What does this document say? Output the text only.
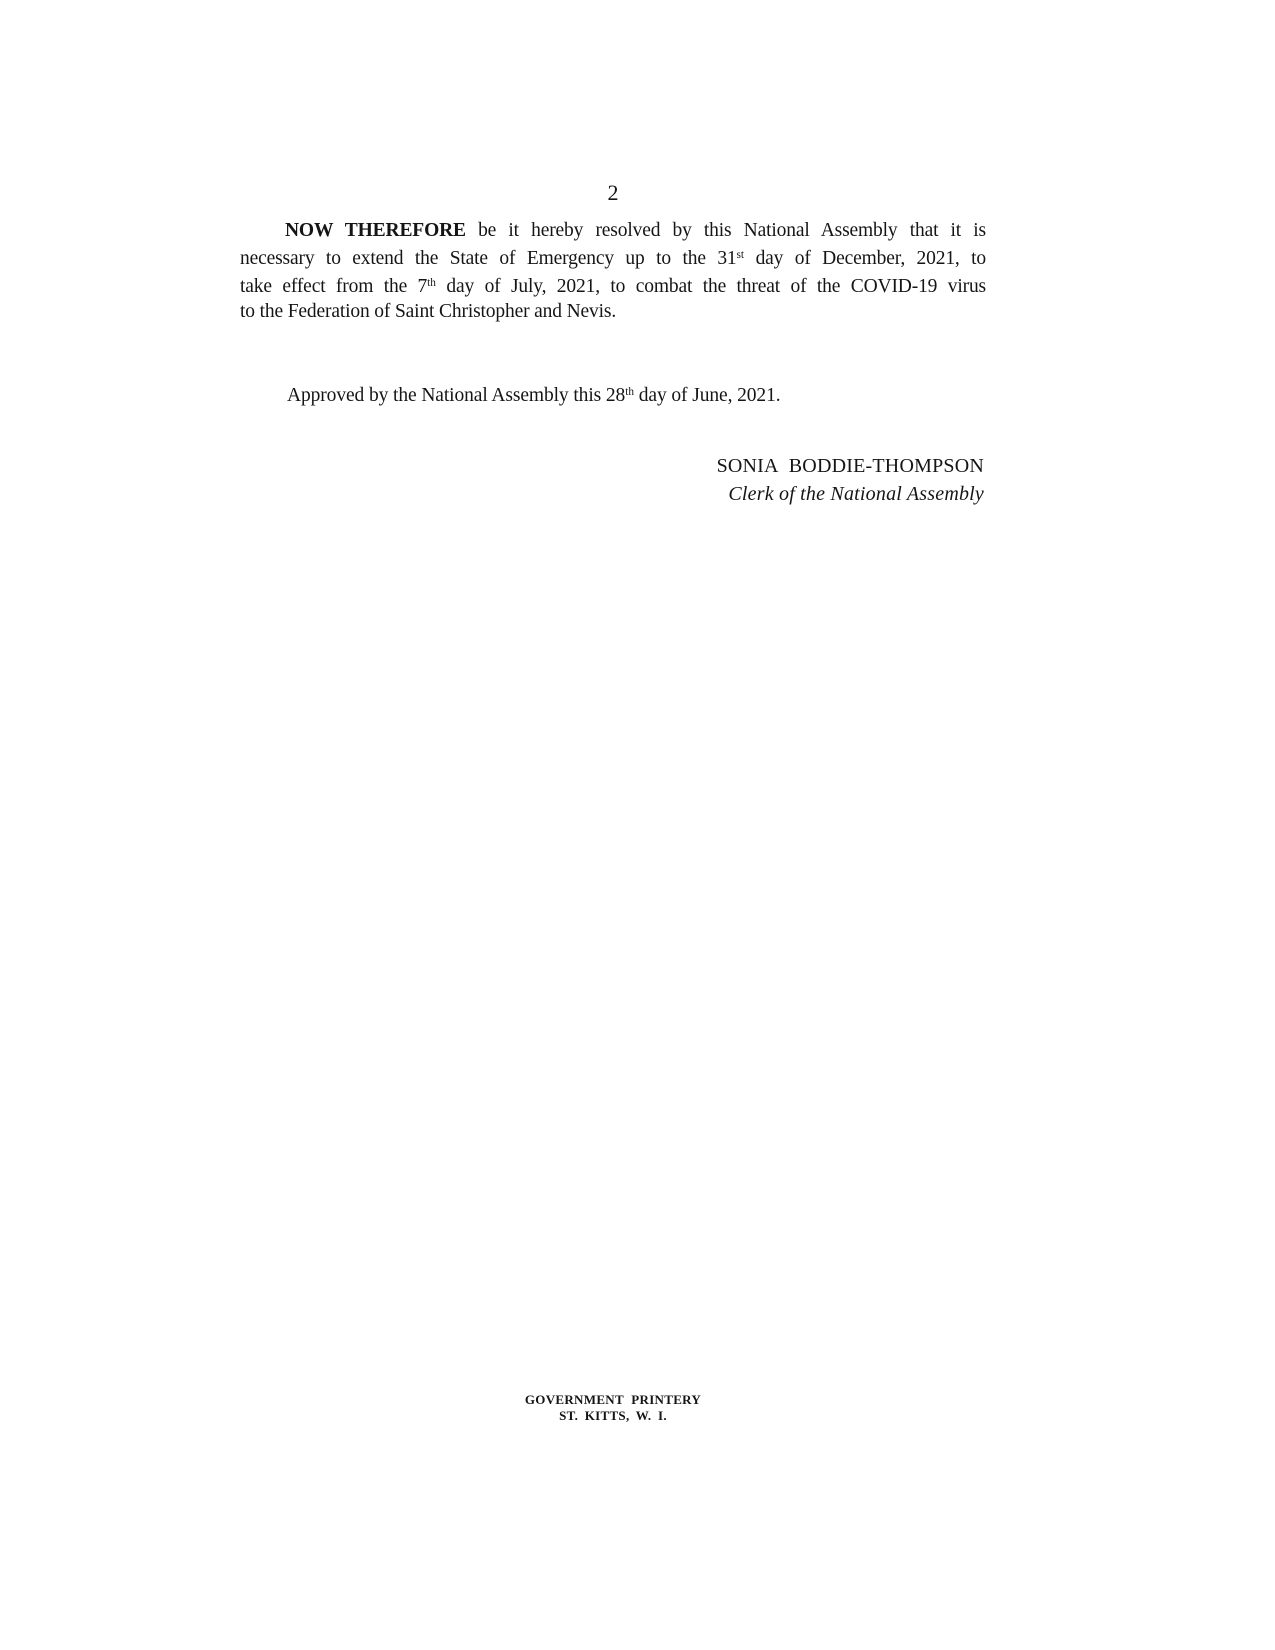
2
NOW THEREFORE be it hereby resolved by this National Assembly that it is
necessary to extend the State of Emergency up to the 31st day of December, 2021, to
take effect from the 7th day of July, 2021, to combat the threat of the COVID-19 virus
to the Federation of Saint Christopher and Nevis.
Approved by the National Assembly this 28th day of June, 2021.
SONIA BODDIE-THOMPSON
Clerk of the National Assembly
GOVERNMENT PRINTERY
ST. KITTS, W. I.
